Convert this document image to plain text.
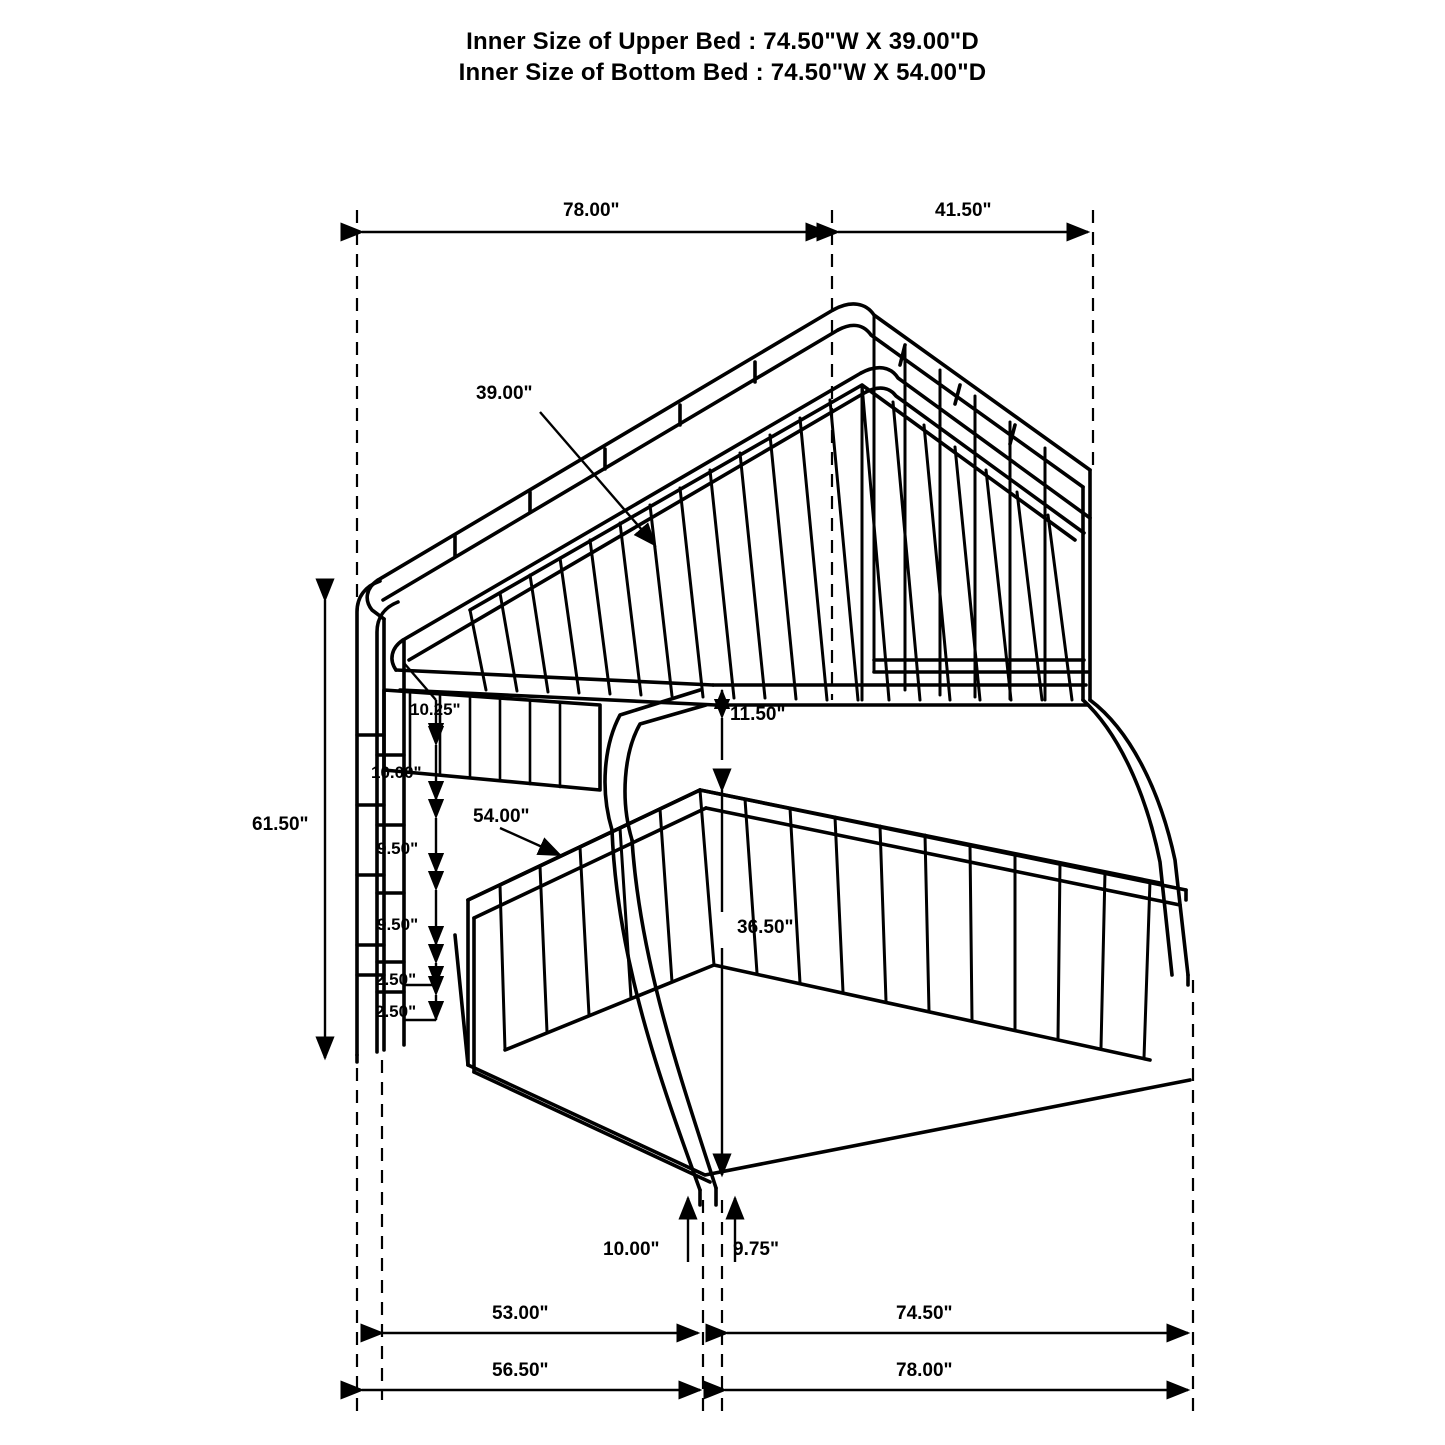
Inner Size of Upper Bed : 74.50"W X 39.00"D
Inner Size of Bottom Bed : 74.50"W X 54.00"D
78.00"	41.50"
39.00"
61.50"
10.25"
10.00"
9.50"
9.50"
2.50"
2.50"
11.50"
54.00"
36.50"
10.00"	9.75"
53.00"	74.50"
56.50"	78.00"
